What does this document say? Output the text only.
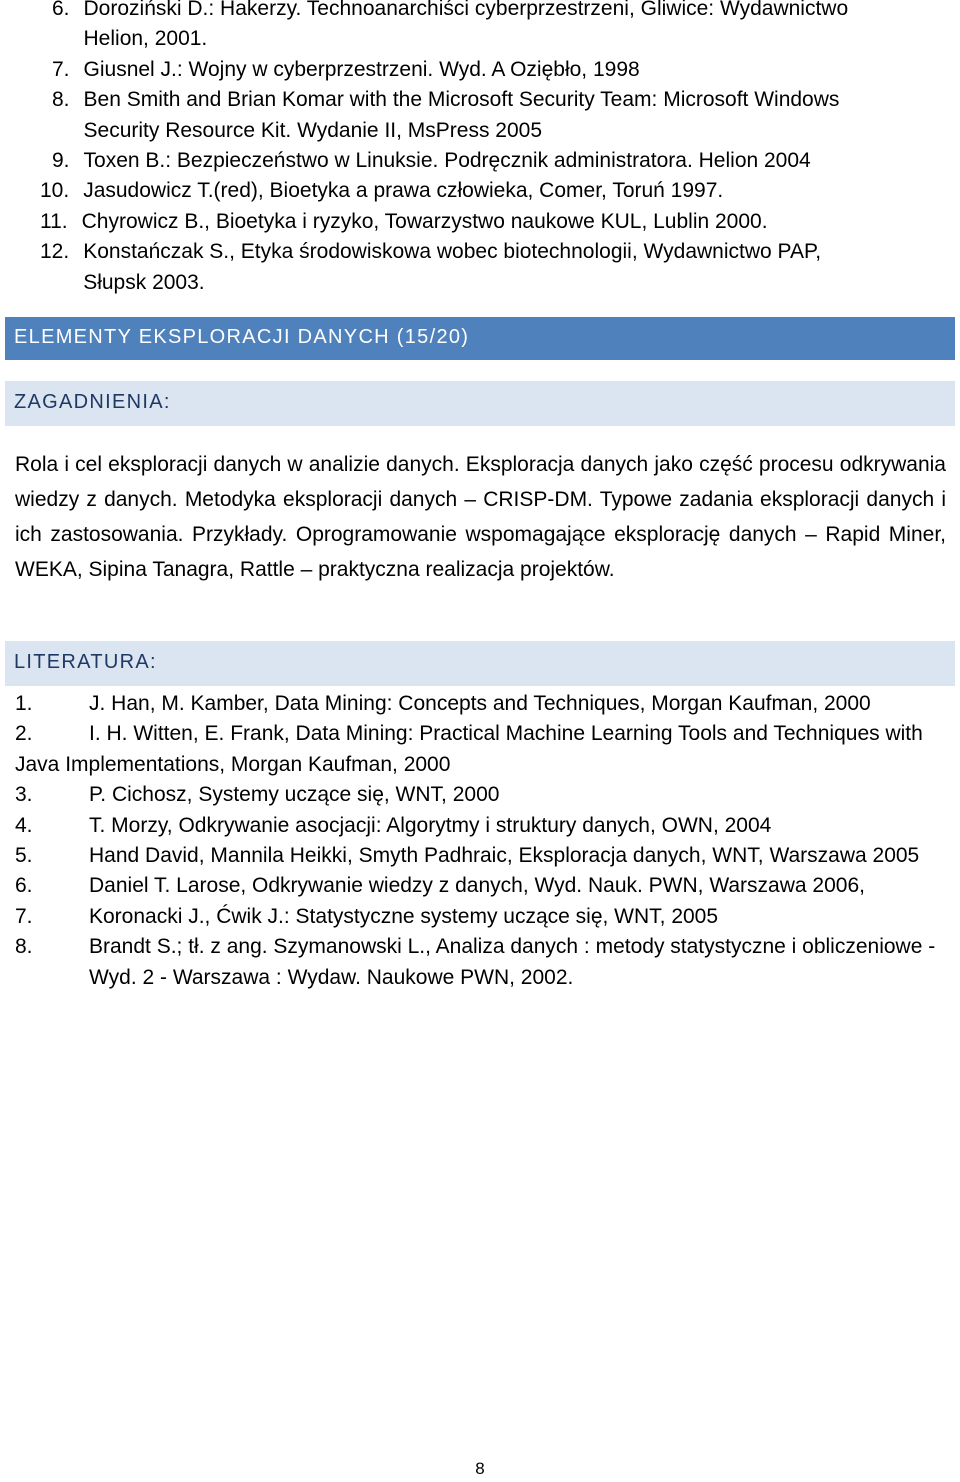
6. Doroziński D.: Hakerzy. Technoanarchiści cyberprzestrzeni, Gliwice: Wydawnictwo
Helion, 2001.
7. Giusnel J.: Wojny w cyberprzestrzeni. Wyd. A Oziębło, 1998
8. Ben Smith and Brian Komar with the Microsoft Security Team: Microsoft Windows
Security Resource Kit. Wydanie II, MsPress 2005
9. Toxen B.: Bezpieczeństwo w Linuksie. Podręcznik administratora. Helion 2004
10. Jasudowicz T.(red), Bioetyka a prawa człowieka, Comer, Toruń 1997.
11. Chyrowicz B., Bioetyka i ryzyko, Towarzystwo naukowe KUL, Lublin 2000.
12. Konstańczak S., Etyka środowiskowa wobec biotechnologii, Wydawnictwo PAP,
Słupsk 2003.
ELEMENTY EKSPLORACJI DANYCH (15/20)
ZAGADNIENIA:
Rola i cel eksploracji danych w analizie danych. Eksploracja danych jako część procesu odkrywania wiedzy z danych. Metodyka eksploracji danych – CRISP-DM. Typowe zadania eksploracji danych i ich zastosowania. Przykłady. Oprogramowanie wspomagające eksplorację danych – Rapid Miner, WEKA, Sipina Tanagra, Rattle – praktyczna realizacja projektów.
LITERATURA:
1.	J. Han, M. Kamber, Data Mining: Concepts and Techniques, Morgan Kaufman, 2000
2.	I. H. Witten, E. Frank, Data Mining: Practical Machine Learning Tools and Techniques with Java Implementations, Morgan Kaufman, 2000
3.	P. Cichosz, Systemy uczące się, WNT, 2000
4.	T. Morzy, Odkrywanie asocjacji: Algorytmy i struktury danych, OWN, 2004
5.	Hand David, Mannila Heikki, Smyth Padhraic, Eksploracja danych, WNT, Warszawa 2005
6.	Daniel T. Larose, Odkrywanie wiedzy z danych, Wyd. Nauk. PWN, Warszawa 2006,
7.	Koronacki J., Ćwik J.: Statystyczne systemy uczące się, WNT, 2005
8.	Brandt S.; tł. z ang. Szymanowski L., Analiza danych : metody statystyczne i obliczeniowe - Wyd. 2 - Warszawa : Wydaw. Naukowe PWN, 2002.
8
